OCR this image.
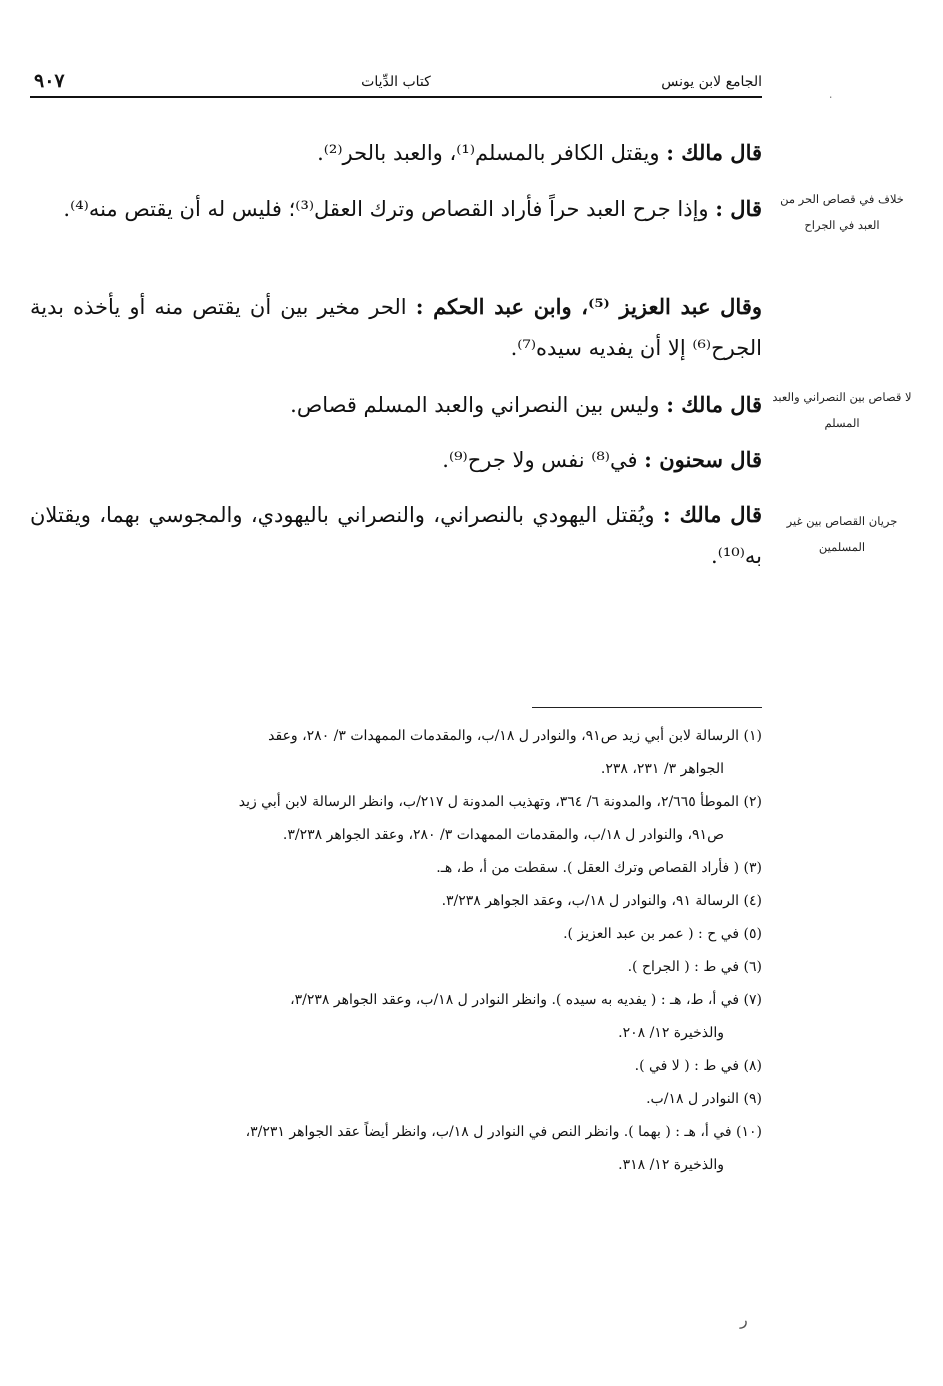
الجامع لابن يونس
كتاب الدِّيات
٩٠٧
٠

قال مالك : ويقتل الكافر بالمسلم⁽¹⁾، والعبد بالحر⁽²⁾.

قال : وإذا جرح العبد حراً فأراد القصاص وترك العقل⁽³⁾؛ فليس له أن يقتص منه⁽⁴⁾.

وقال عبد العزيز ⁽⁵⁾، وابن عبد الحكم : الحر مخير بين أن يقتص منه أو يأخذه بدية الجرح⁽⁶⁾ إلا أن يفديه سيده⁽⁷⁾.

قال مالك : وليس بين النصراني والعبد المسلم قصاص.

قال سحنون : في⁽⁸⁾ نفس ولا جرح⁽⁹⁾.

قال مالك : ويُقتل اليهودي بالنصراني، والنصراني باليهودي، والمجوسي بهما، ويقتلان به⁽¹⁰⁾.

خلاف في قصاص الحر من العبد في الجراح
لا قصاص بين النصراني والعبد المسلم
جريان القصاص بين غير المسلمين
(١) الرسالة لابن أبي زيد ص٩١، والنوادر ل ١٨/ب، والمقدمات الممهدات ٣/ ٢٨٠، وعقد
الجواهر ٣/ ٢٣١، ٢٣٨.
(٢) الموطأ ٢/٦٦٥، والمدونة ٦/ ٣٦٤، وتهذيب المدونة ل ٢١٧/ب، وانظر الرسالة لابن أبي زيد
ص٩١، والنوادر ل ١٨/ب، والمقدمات الممهدات ٣/ ٢٨٠، وعقد الجواهر ٣/٢٣٨.
(٣) ( فأراد القصاص وترك العقل ). سقطت من أ، ط، هـ.
(٤) الرسالة ٩١، والنوادر ل ١٨/ب، وعقد الجواهر ٣/٢٣٨.
(٥) في ح : ( عمر بن عبد العزيز ).
(٦) في ط : ( الجراح ).
(٧) في أ، ط، هـ : ( يفديه به سيده ). وانظر النوادر ل ١٨/ب، وعقد الجواهر ٣/٢٣٨،
والذخيرة ١٢/ ٢٠٨.
(٨) في ط : ( لا في ).
(٩) النوادر ل ١٨/ب.
(١٠) في أ، هـ : ( بهما ). وانظر النص في النوادر ل ١٨/ب، وانظر أيضاً عقد الجواهر ٣/٢٣١،
والذخيرة ١٢/ ٣١٨.
ر
